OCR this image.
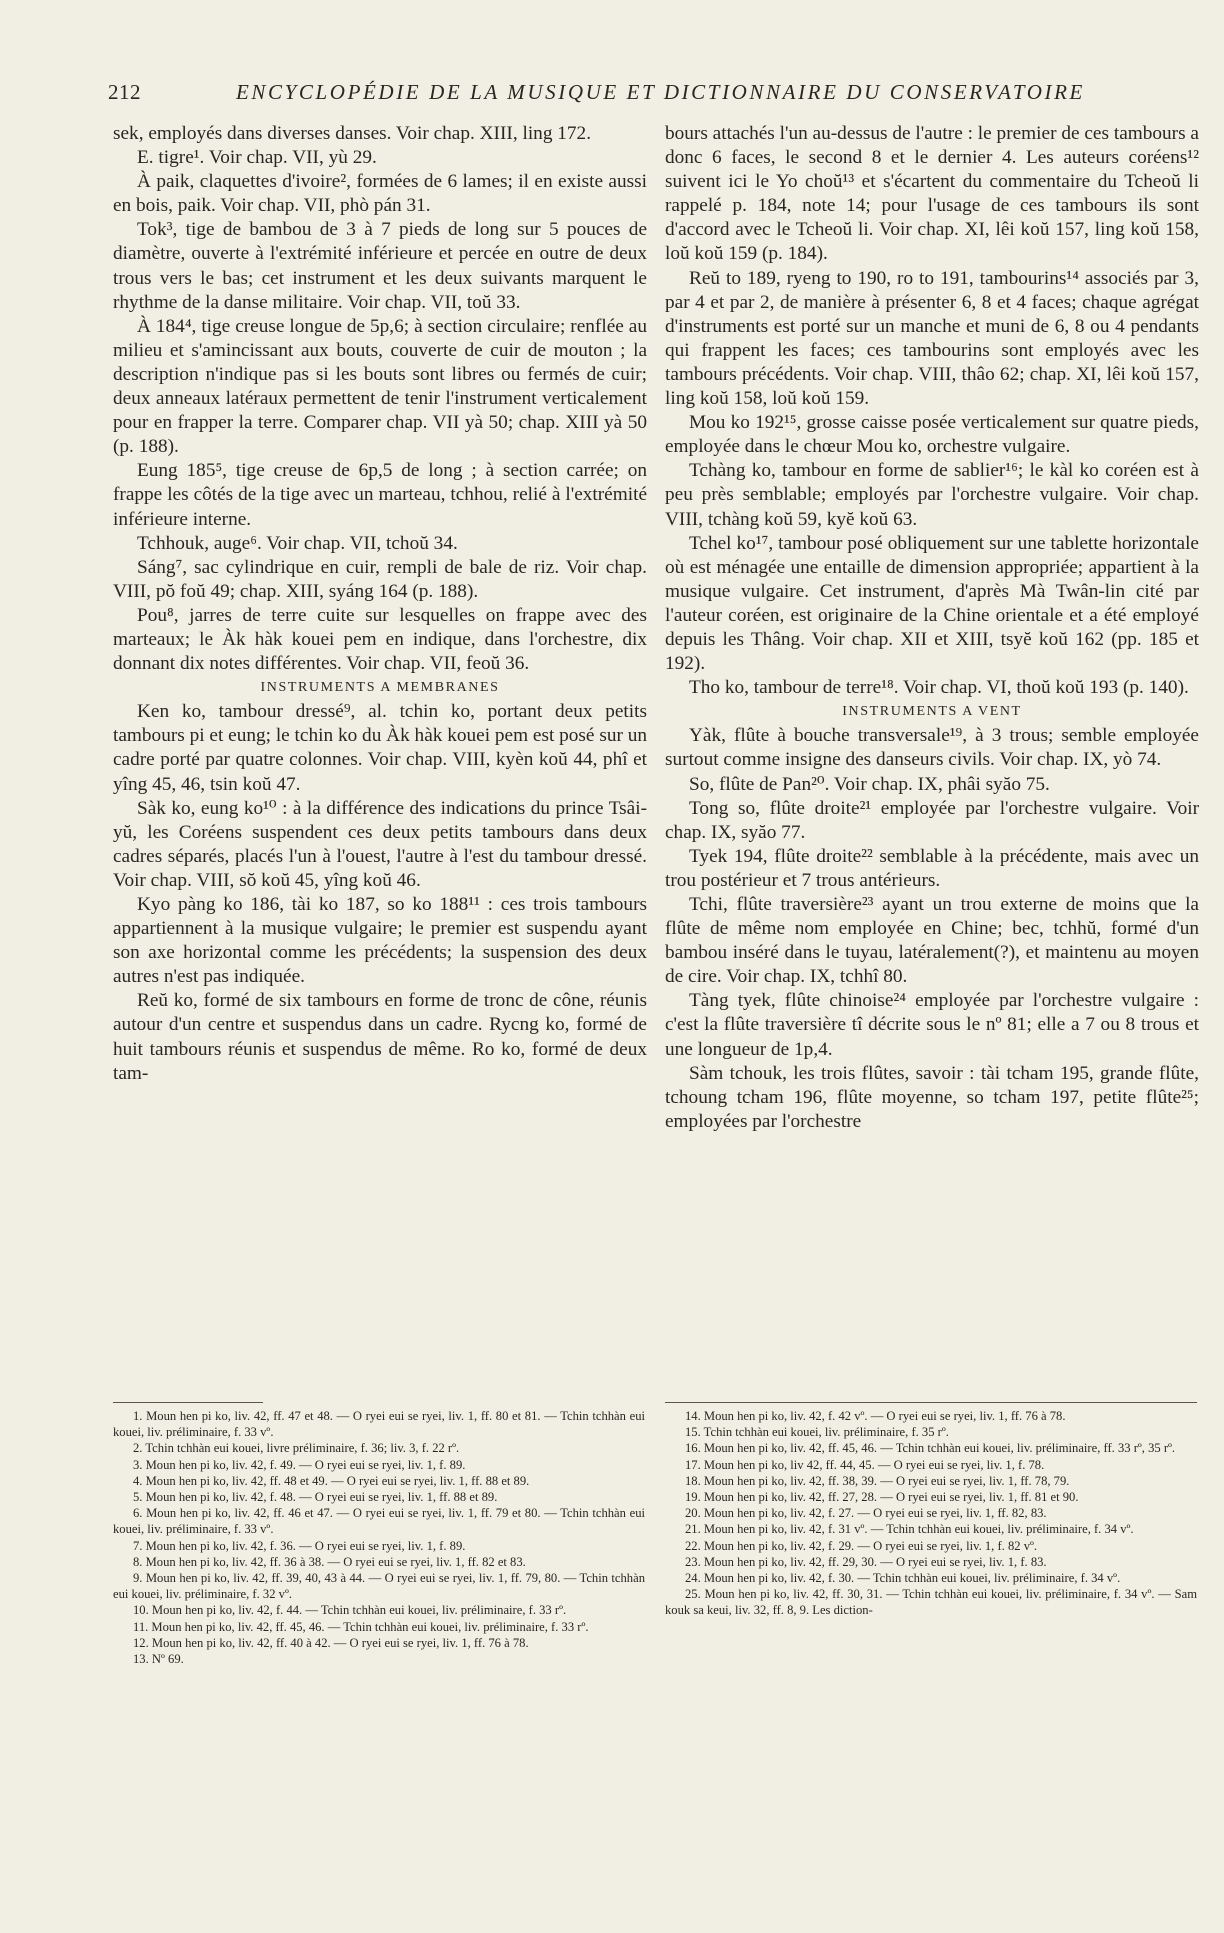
212	ENCYCLOPÉDIE DE LA MUSIQUE ET DICTIONNAIRE DU CONSERVATOIRE

sek, employés dans diverses danses. Voir chap. XIII, ling 172.

E. tigre¹. Voir chap. VII, yù 29.

À paik, claquettes d'ivoire², formées de 6 lames; il en existe aussi en bois, paik. Voir chap. VII, phò pán 31.

Tok³, tige de bambou de 3 à 7 pieds de long sur 5 pouces de diamètre, ouverte à l'extrémité inférieure et percée en outre de deux trous vers le bas; cet instrument et les deux suivants marquent le rhythme de la danse militaire. Voir chap. VII, toŭ 33.

À 184⁴, tige creuse longue de 5p,6; à section circulaire; renflée au milieu et s'amincissant aux bouts, couverte de cuir de mouton ; la description n'indique pas si les bouts sont libres ou fermés de cuir; deux anneaux latéraux permettent de tenir l'instrument verticalement pour en frapper la terre. Comparer chap. VII yà 50; chap. XIII yà 50 (p. 188).

Eung 185⁵, tige creuse de 6p,5 de long ; à section carrée; on frappe les côtés de la tige avec un marteau, tchhou, relié à l'extrémité inférieure interne.

Tchhouk, auge⁶. Voir chap. VII, tchoŭ 34.

Sáng⁷, sac cylindrique en cuir, rempli de bale de riz. Voir chap. VIII, pŏ foŭ 49; chap. XIII, syáng 164 (p. 188).

Pou⁸, jarres de terre cuite sur lesquelles on frappe avec des marteaux; le Àk hàk kouei pem en indique, dans l'orchestre, dix donnant dix notes différentes. Voir chap. VII, feoŭ 36.

INSTRUMENTS A MEMBRANES

Ken ko, tambour dressé⁹, al. tchin ko, portant deux petits tambours pi et eung; le tchin ko du Àk hàk kouei pem est posé sur un cadre porté par quatre colonnes. Voir chap. VIII, kyèn koŭ 44, phî et yîng 45, 46, tsin koŭ 47.

Sàk ko, eung ko¹⁰ : à la différence des indications du prince Tsâi-yŭ, les Coréens suspendent ces deux petits tambours dans deux cadres séparés, placés l'un à l'ouest, l'autre à l'est du tambour dressé. Voir chap. VIII, sŏ koŭ 45, yîng koŭ 46.

Kyo pàng ko 186, tài ko 187, so ko 188¹¹ : ces trois tambours appartiennent à la musique vulgaire; le premier est suspendu ayant son axe horizontal comme les précédents; la suspension des deux autres n'est pas indiquée.

Reŭ ko, formé de six tambours en forme de tronc de cône, réunis autour d'un centre et suspendus dans un cadre. Rycng ko, formé de huit tambours réunis et suspendus de même. Ro ko, formé de deux tam-

bours attachés l'un au-dessus de l'autre : le premier de ces tambours a donc 6 faces, le second 8 et le dernier 4. Les auteurs coréens¹² suivent ici le Yo choŭ¹³ et s'écartent du commentaire du Tcheoŭ li rappelé p. 184, note 14; pour l'usage de ces tambours ils sont d'accord avec le Tcheoŭ li. Voir chap. XI, lêi koŭ 157, ling koŭ 158, loŭ koŭ 159 (p. 184).

Reŭ to 189, ryeng to 190, ro to 191, tambourins¹⁴ associés par 3, par 4 et par 2, de manière à présenter 6, 8 et 4 faces; chaque agrégat d'instruments est porté sur un manche et muni de 6, 8 ou 4 pendants qui frappent les faces; ces tambourins sont employés avec les tambours précédents. Voir chap. VIII, thâo 62; chap. XI, lêi koŭ 157, ling koŭ 158, loŭ koŭ 159.

Mou ko 192¹⁵, grosse caisse posée verticalement sur quatre pieds, employée dans le chœur Mou ko, orchestre vulgaire.

Tchàng ko, tambour en forme de sablier¹⁶; le kàl ko coréen est à peu près semblable; employés par l'orchestre vulgaire. Voir chap. VIII, tchàng koŭ 59, kyĕ koŭ 63.

Tchel ko¹⁷, tambour posé obliquement sur une tablette horizontale où est ménagée une entaille de dimension appropriée; appartient à la musique vulgaire. Cet instrument, d'après Mà Twân-lin cité par l'auteur coréen, est originaire de la Chine orientale et a été employé depuis les Thâng. Voir chap. XII et XIII, tsyĕ koŭ 162 (pp. 185 et 192).

Tho ko, tambour de terre¹⁸. Voir chap. VI, thoŭ koŭ 193 (p. 140).

INSTRUMENTS A VENT

Yàk, flûte à bouche transversale¹⁹, à 3 trous; semble employée surtout comme insigne des danseurs civils. Voir chap. IX, yò 74.

So, flûte de Pan²⁰. Voir chap. IX, phâi syăo 75.

Tong so, flûte droite²¹ employée par l'orchestre vulgaire. Voir chap. IX, syăo 77.

Tyek 194, flûte droite²² semblable à la précédente, mais avec un trou postérieur et 7 trous antérieurs.

Tchi, flûte traversière²³ ayant un trou externe de moins que la flûte de même nom employée en Chine; bec, tchhŭ, formé d'un bambou inséré dans le tuyau, latéralement(?), et maintenu au moyen de cire. Voir chap. IX, tchhî 80.

Tàng tyek, flûte chinoise²⁴ employée par l'orchestre vulgaire : c'est la flûte traversière tî décrite sous le nº 81; elle a 7 ou 8 trous et une longueur de 1p,4.

Sàm tchouk, les trois flûtes, savoir : tài tcham 195, grande flûte, tchoung tcham 196, flûte moyenne, so tcham 197, petite flûte²⁵; employées par l'orchestre

1. Moun hen pi ko, liv. 42, ff. 47 et 48. — O ryei eui se ryei, liv. 1, ff. 80 et 81. — Tchin tchhàn eui kouei, liv. préliminaire, f. 33 vº.

2. Tchin tchhàn eui kouei, livre préliminaire, f. 36; liv. 3, f. 22 rº.

3. Moun hen pi ko, liv. 42, f. 49. — O ryei eui se ryei, liv. 1, f. 89.

4. Moun hen pi ko, liv. 42, ff. 48 et 49. — O ryei eui se ryei, liv. 1, ff. 88 et 89.

5. Moun hen pi ko, liv. 42, f. 48. — O ryei eui se ryei, liv. 1, ff. 88 et 89.

6. Moun hen pi ko, liv. 42, ff. 46 et 47. — O ryei eui se ryei, liv. 1, ff. 79 et 80. — Tchin tchhàn eui kouei, liv. préliminaire, f. 33 vº.

7. Moun hen pi ko, liv. 42, f. 36. — O ryei eui se ryei, liv. 1, f. 89.

8. Moun hen pi ko, liv. 42, ff. 36 à 38. — O ryei eui se ryei, liv. 1, ff. 82 et 83.

9. Moun hen pi ko, liv. 42, ff. 39, 40, 43 à 44. — O ryei eui se ryei, liv. 1, ff. 79, 80. — Tchin tchhàn eui kouei, liv. préliminaire, f. 32 vº.

10. Moun hen pi ko, liv. 42, f. 44. — Tchin tchhàn eui kouei, liv. préliminaire, f. 33 rº.

11. Moun hen pi ko, liv. 42, ff. 45, 46. — Tchin tchhàn eui kouei, liv. préliminaire, f. 33 rº.

12. Moun hen pi ko, liv. 42, ff. 40 à 42. — O ryei eui se ryei, liv. 1, ff. 76 à 78.

13. Nº 69.

14. Moun hen pi ko, liv. 42, f. 42 vº. — O ryei eui se ryei, liv. 1, ff. 76 à 78.

15. Tchin tchhàn eui kouei, liv. préliminaire, f. 35 rº.

16. Moun hen pi ko, liv. 42, ff. 45, 46. — Tchin tchhàn eui kouei, liv. préliminaire, ff. 33 rº, 35 rº.

17. Moun hen pi ko, liv 42, ff. 44, 45. — O ryei eui se ryei, liv. 1, f. 78.

18. Moun hen pi ko, liv. 42, ff. 38, 39. — O ryei eui se ryei, liv. 1, ff. 78, 79.

19. Moun hen pi ko, liv. 42, ff. 27, 28. — O ryei eui se ryei, liv. 1, ff. 81 et 90.

20. Moun hen pi ko, liv. 42, f. 27. — O ryei eui se ryei, liv. 1, ff. 82, 83.

21. Moun hen pi ko, liv. 42, f. 31 vº. — Tchin tchhàn eui kouei, liv. préliminaire, f. 34 vº.

22. Moun hen pi ko, liv. 42, f. 29. — O ryei eui se ryei, liv. 1, f. 82 vº.

23. Moun hen pi ko, liv. 42, ff. 29, 30. — O ryei eui se ryei, liv. 1, f. 83.

24. Moun hen pi ko, liv. 42, f. 30. — Tchin tchhàn eui kouei, liv. préliminaire, f. 34 vº.

25. Moun hen pi ko, liv. 42, ff. 30, 31. — Tchin tchhàn eui kouei, liv. préliminaire, f. 34 vº. — Sam kouk sa keui, liv. 32, ff. 8, 9. Les diction-
